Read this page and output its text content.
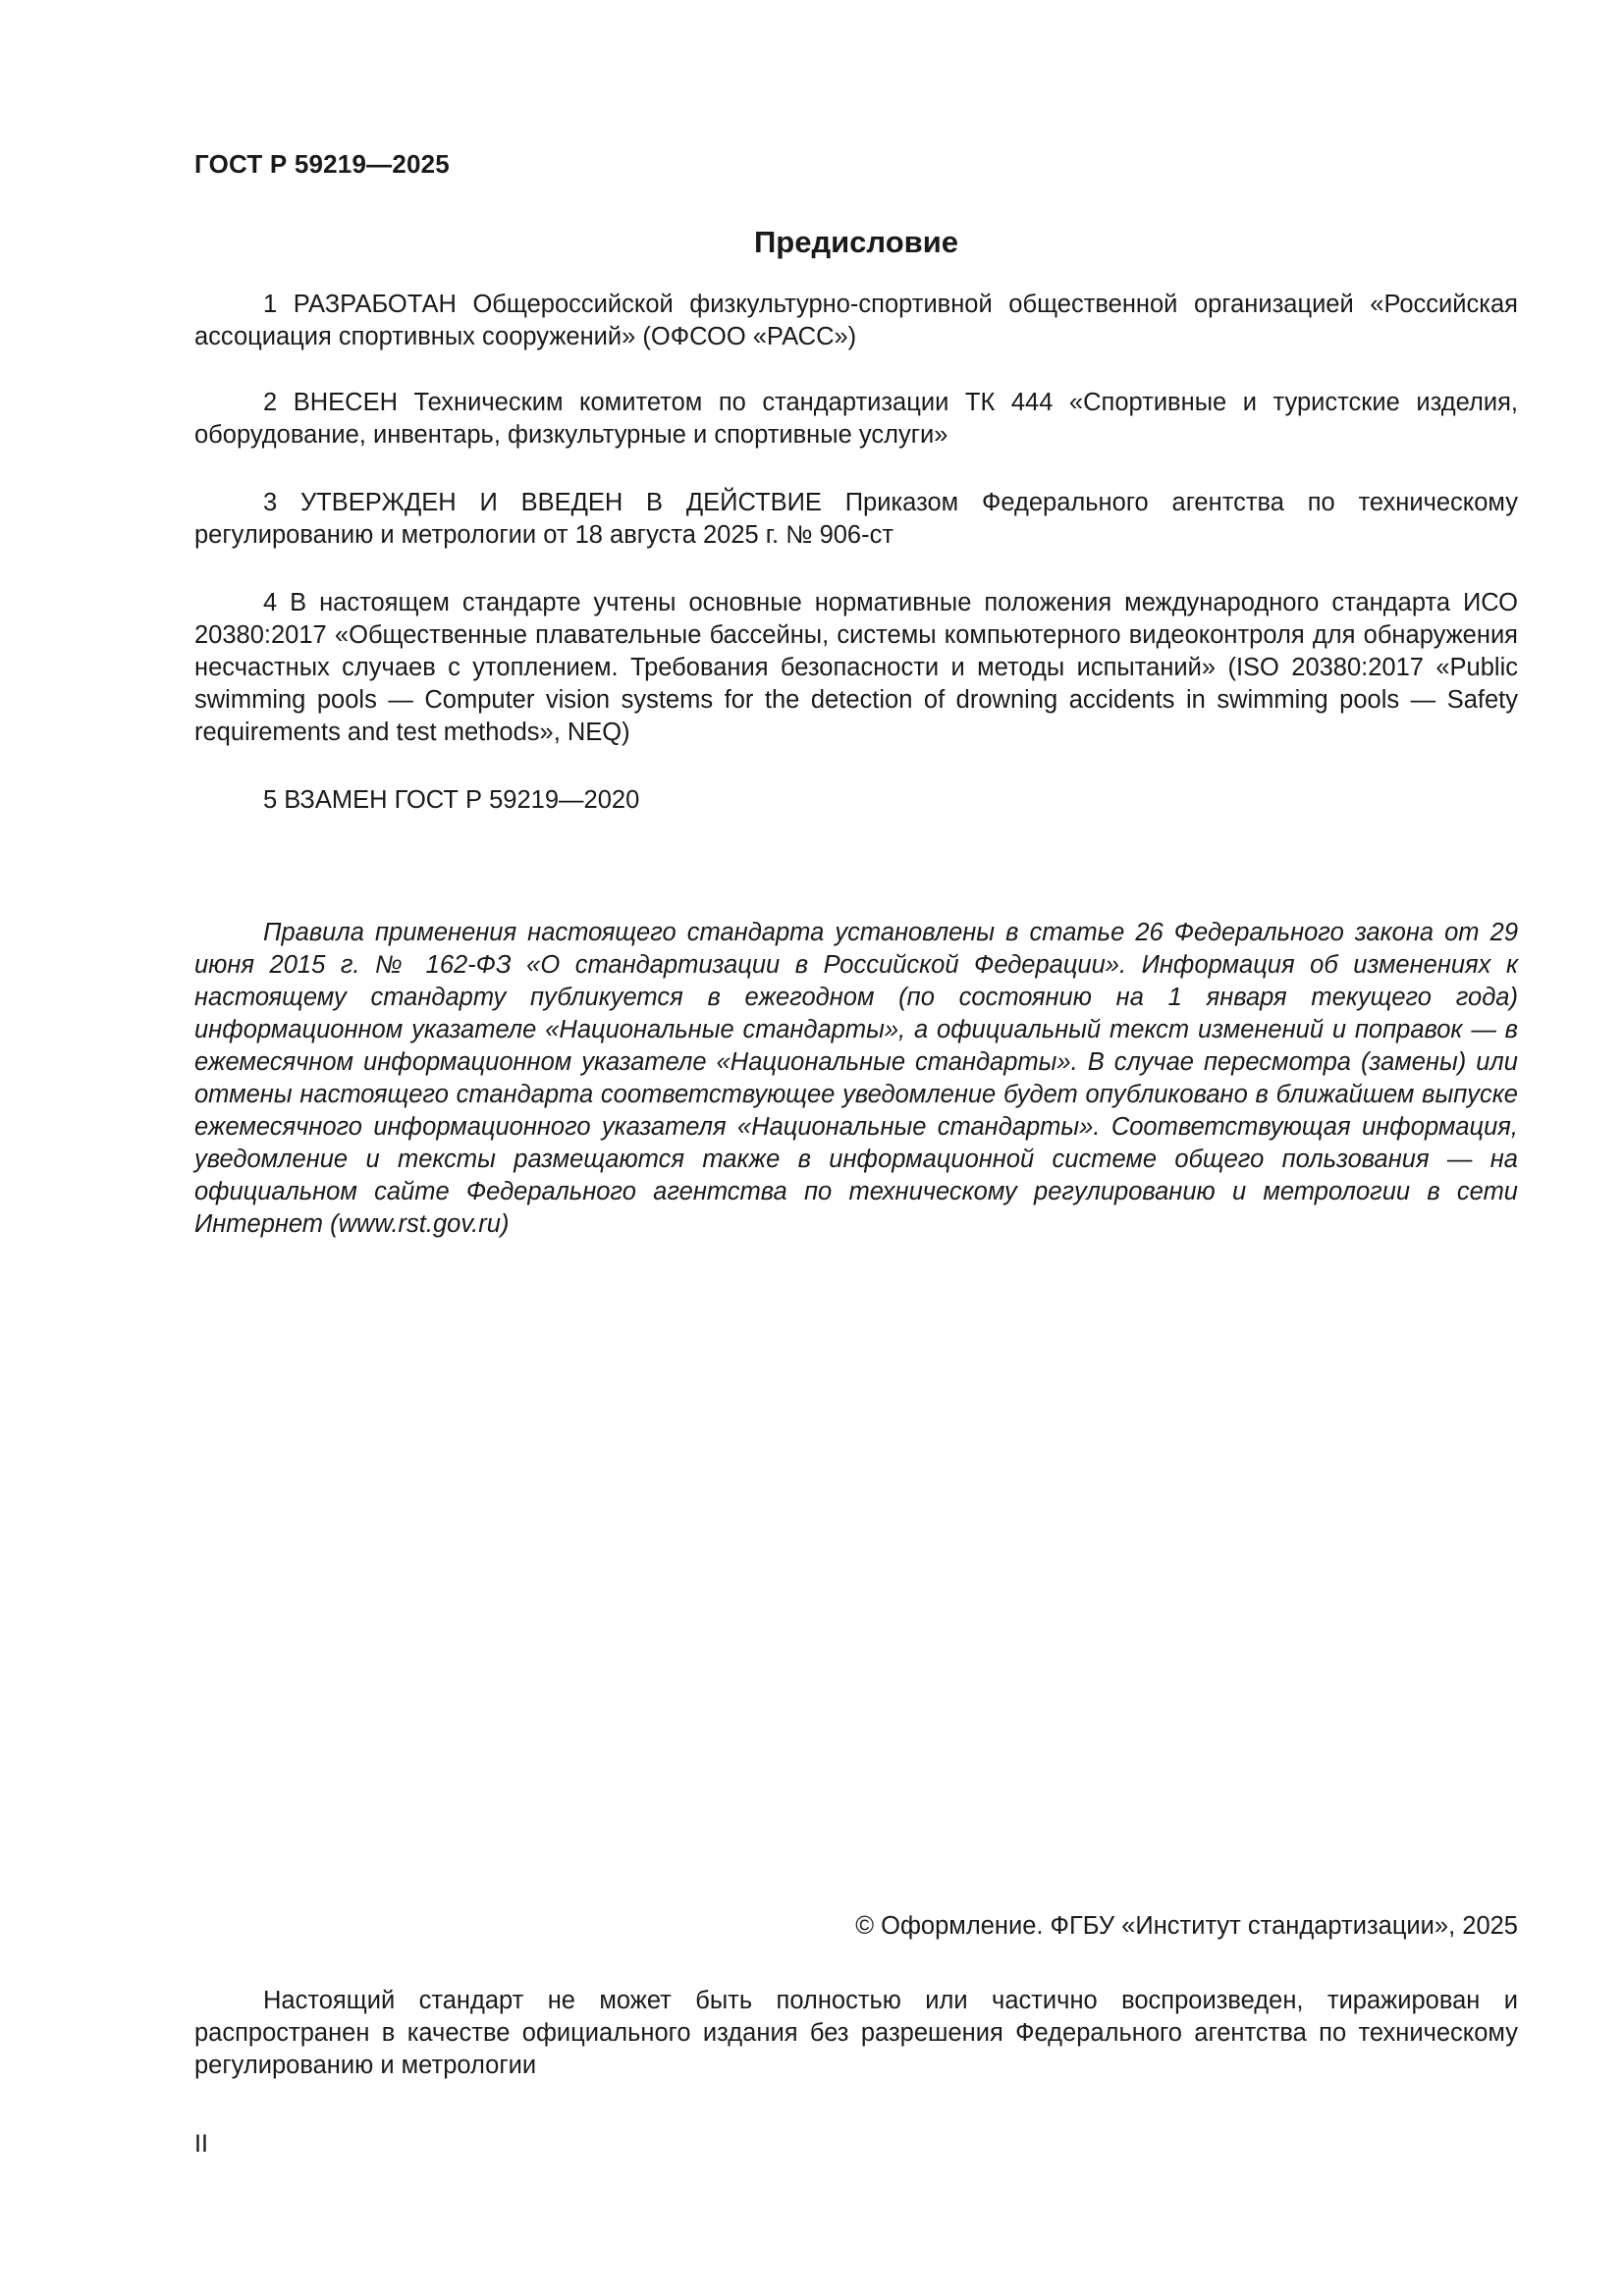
ГОСТ Р 59219—2025
Предисловие

1 РАЗРАБОТАН Общероссийской физкультурно-спортивной общественной организацией «Российская ассоциация спортивных сооружений» (ОФСОО «РАСС»)

2 ВНЕСЕН Техническим комитетом по стандартизации ТК 444 «Спортивные и туристские изделия, оборудование, инвентарь, физкультурные и спортивные услуги»

3 УТВЕРЖДЕН И ВВЕДЕН В ДЕЙСТВИЕ Приказом Федерального агентства по техническому регулированию и метрологии от 18 августа 2025 г. № 906-ст

4 В настоящем стандарте учтены основные нормативные положения международного стандарта ИСО 20380:2017 «Общественные плавательные бассейны, системы компьютерного видеоконтроля для обнаружения несчастных случаев с утоплением. Требования безопасности и методы испытаний» (ISO 20380:2017 «Public swimming pools — Computer vision systems for the detection of drowning accidents in swimming pools — Safety requirements and test methods», NEQ)

5 ВЗАМЕН ГОСТ Р 59219—2020

Правила применения настоящего стандарта установлены в статье 26 Федерального закона от 29 июня 2015 г. № 162-ФЗ «О стандартизации в Российской Федерации». Информация об изменениях к настоящему стандарту публикуется в ежегодном (по состоянию на 1 января текущего года) информационном указателе «Национальные стандарты», а официальный текст изменений и поправок — в ежемесячном информационном указателе «Национальные стандарты». В случае пересмотра (замены) или отмены настоящего стандарта соответствующее уведомление будет опубликовано в ближайшем выпуске ежемесячного информационного указателя «Национальные стандарты». Соответствующая информация, уведомление и тексты размещаются также в информационной системе общего пользования — на официальном сайте Федерального агентства по техническому регулированию и метрологии в сети Интернет (www.rst.gov.ru)

© Оформление. ФГБУ «Институт стандартизации», 2025

Настоящий стандарт не может быть полностью или частично воспроизведен, тиражирован и распространен в качестве официального издания без разрешения Федерального агентства по техническому регулированию и метрологии

II
